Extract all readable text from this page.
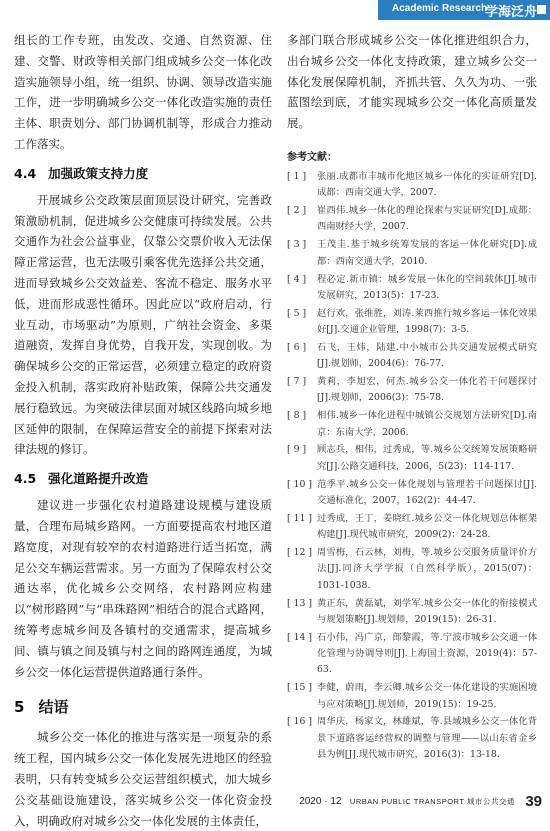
Academic Research
学海泛舟

组长的工作专班，由发改、交通、自然资源、住建、交警、财政等相关部门组成城乡公交一体化改造实施领导小组，统一组织、协调、领导改造实施工作，进一步明确城乡公交一体化改造实施的责任主体、职责划分、部门协调机制等，形成合力推动工作落实。

4.4 加强政策支持力度

开展城乡公交政策层面顶层设计研究，完善政策激励机制，促进城乡公交健康可持续发展。公共交通作为社会公益事业，仅靠公交票价收入无法保障正常运营，也无法吸引乘客优先选择公共交通，进而导致城乡公交效益差、客流不稳定、服务水平低，进而形成恶性循环。因此应以“政府启动，行业互动，市场驱动”为原则，广纳社会资金、多渠道融资，发挥自身优势，自我开发，实现创收。为确保城乡公交的正常运营，必须建立稳定的政府资金投入机制，落实政府补贴政策，保障公共交通发展行稳致远。为突破法律层面对城区线路向城乡地区延伸的限制，在保障运营安全的前提下探索对法律法规的修订。

4.5 强化道路提升改造

建议进一步强化农村道路建设规模与建设质量，合理布局城乡路网。一方面要提高农村地区道路宽度，对现有较窄的农村道路进行适当拓宽，满足公交车辆运营需求。另一方面为了保障农村公交通达率，优化城乡公交网络，农村路网应构建以“树形路网”与“串珠路网”相结合的混合式路网，统筹考虑城乡间及各镇村的交通需求，提高城乡间、镇与镇之间及镇与村之间的路网连通度，为城乡公交一体化运营提供道路通行条件。

5 结语

城乡公交一体化的推进与落实是一项复杂的系统工程，国内城乡公交一体化发展先进地区的经验表明，只有转变城乡公交运营组织模式，加大城乡公交基础设施建设，落实城乡公交一体化资金投入，明确政府对城乡公交一体化发展的主体责任，

多部门联合形成城乡公交一体化推进组织合力，出台城乡公交一体化支持政策，建立城乡公交一体化发展保障机制，齐抓共管、久久为功、一张蓝图绘到底，才能实现城乡公交一体化高质量发展。

参考文献：
[ 1 ]	张丽.成都市丰城市化地区城乡一体化的实证研究[D].成都：西南交通大学，2007.
[ 2 ]	崔西伟.城乡一体化的理论探索与实证研究[D].成都：西南财经大学，2007.
[ 3 ]	王茂圭.基于城乡统筹发展的客运一体化研究[D].成都：西南交通大学，2010.
[ 4 ]	程必定.新市镇：城乡发展一体化的空间载体[J].城市发展研究，2013(5)：17-23.
[ 5 ]	赵行欢，张维胜，刘涛.莱西推行城乡客运一体化效果好[J].交通企业管理，1998(7)：3-5.
[ 6 ]	石飞，王炜，陆建.中小城市公共交通发展模式研究[J].规划师，2004(6)：76-77.
[ 7 ]	黄莉，李旭宏，何杰.城乡公交一体化若干问题探讨[J].规划师，2006(3)：75-78.
[ 8 ]	相伟.城乡一体化进程中城镇公交规划方法研究[D].南京：东南大学，2006.
[ 9 ]	顾志兵，相伟，过秀成，等.城乡公交统筹发展策略研究[J].公路交通科技，2006，5(23)：114-117.
[ 10 ] 范季平.城乡公交一体化规划与管理若干问题探讨[J].交通标准化，2007，162(2)：44-47.
[ 11 ] 过秀成，王丁，姜晓红.城乡公交一体化规划总体框架构建[J].现代城市研究，2009(2)：24-28.
[ 12 ] 周雪梅，石云林，刘梅，等.城乡公交服务质量评价方法[J].同济大学学报（自然科学版），2015(07)：1031-1038.
[ 13 ] 黄正东，黄磊斌，刘学军.城乡公交一体化的衔接模式与规划策略[J].规划师，2019(15)：26-31.
[ 14 ] 石小伟，冯广京，郎黎霞，等.宁波市城乡公交通一体化管理与协调导则[J].上海国土资源，2019(4)：57-63.
[ 15 ] 李健，蔚雨，李云卿.城乡公交一体化建设的实施困境与应对策略[J].规划师，2019(15)：19-25.
[ 16 ] 周华庆，杨家文，林雄斌，等.县域城乡公交一体化背景下道路客运经营权的调整与管理——以山东省金乡县为例[J].现代城市研究，2016(3)：13-18.
2020 · 12 URBAN PUBLIC TRANSPORT 城市公共交通 39
